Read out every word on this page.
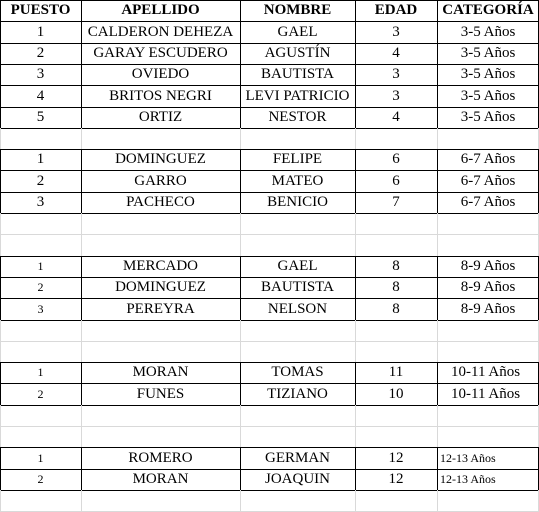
PUESTO	APELLIDO	NOMBRE	EDAD	CATEGORÍA
1	CALDERON DEHEZA	GAEL	3	3-5 Años
2	GARAY ESCUDERO	AGUSTÍN	4	3-5 Años
3	OVIEDO	BAUTISTA	3	3-5 Años
4	BRITOS NEGRI	LEVI PATRICIO	3	3-5 Años
5	ORTIZ	NESTOR	4	3-5 Años
1	DOMINGUEZ	FELIPE	6	6-7 Años
2	GARRO	MATEO	6	6-7 Años
3	PACHECO	BENICIO	7	6-7 Años
1	MERCADO	GAEL	8	8-9 Años
2	DOMINGUEZ	BAUTISTA	8	8-9 Años
3	PEREYRA	NELSON	8	8-9 Años
1	MORAN	TOMAS	11	10-11 Años
2	FUNES	TIZIANO	10	10-11 Años
1	ROMERO	GERMAN	12	12-13 Años
2	MORAN	JOAQUIN	12	12-13 Años
